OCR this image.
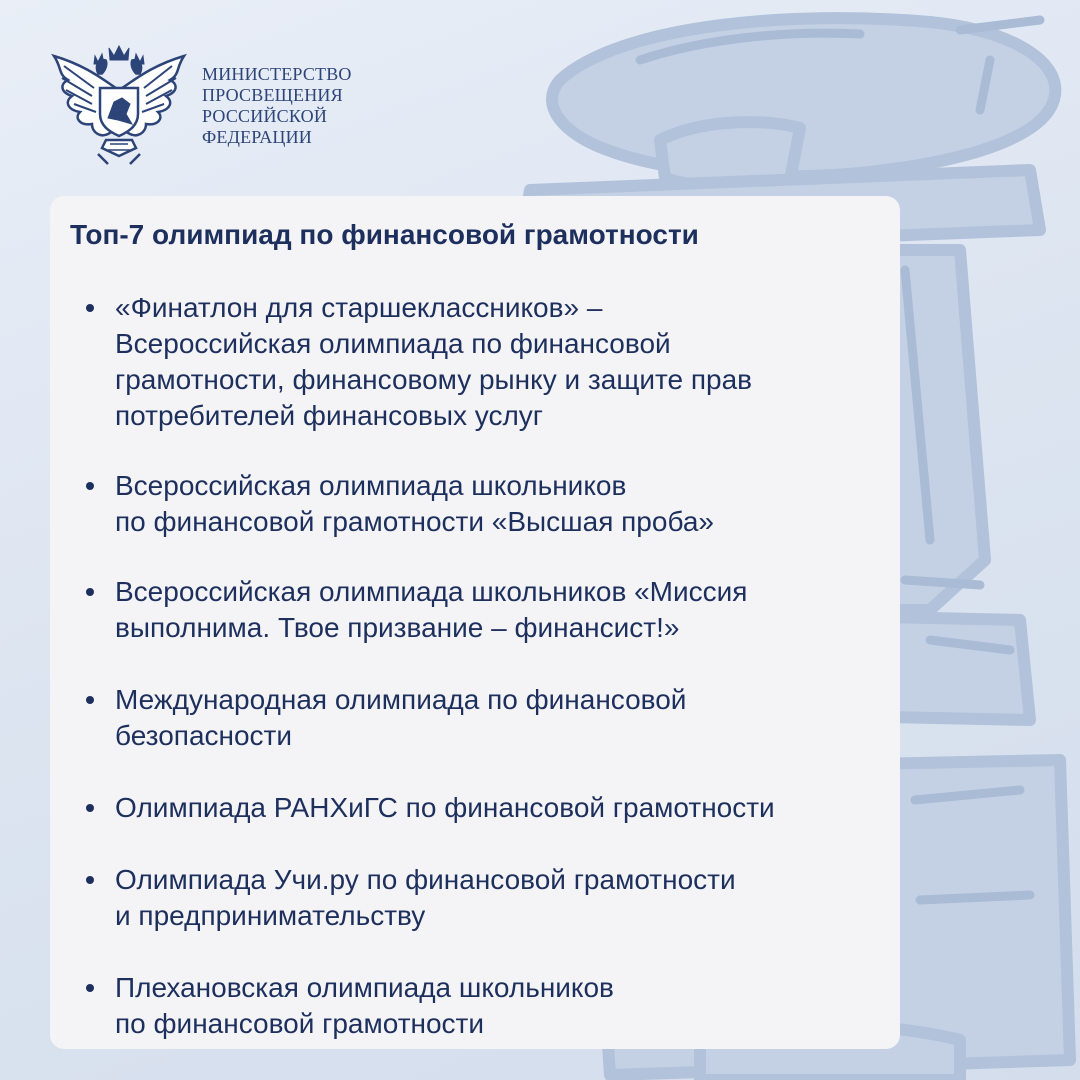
МИНИСТЕРСТВО
ПРОСВЕЩЕНИЯ
РОССИЙСКОЙ
ФЕДЕРАЦИИ
Топ-7 олимпиад по финансовой грамотности
«Финатлон для старшеклассников» –
Всероссийская олимпиада по финансовой
грамотности, финансовому рынку и защите прав
потребителей финансовых услуг
Всероссийская олимпиада школьников
по финансовой грамотности «Высшая проба»
Всероссийская олимпиада школьников «Миссия
выполнима. Твое призвание – финансист!»
Международная олимпиада по финансовой
безопасности
Олимпиада РАНХиГС по финансовой грамотности
Олимпиада Учи.ру по финансовой грамотности
и предпринимательству
Плехановская олимпиада школьников
по финансовой грамотности
